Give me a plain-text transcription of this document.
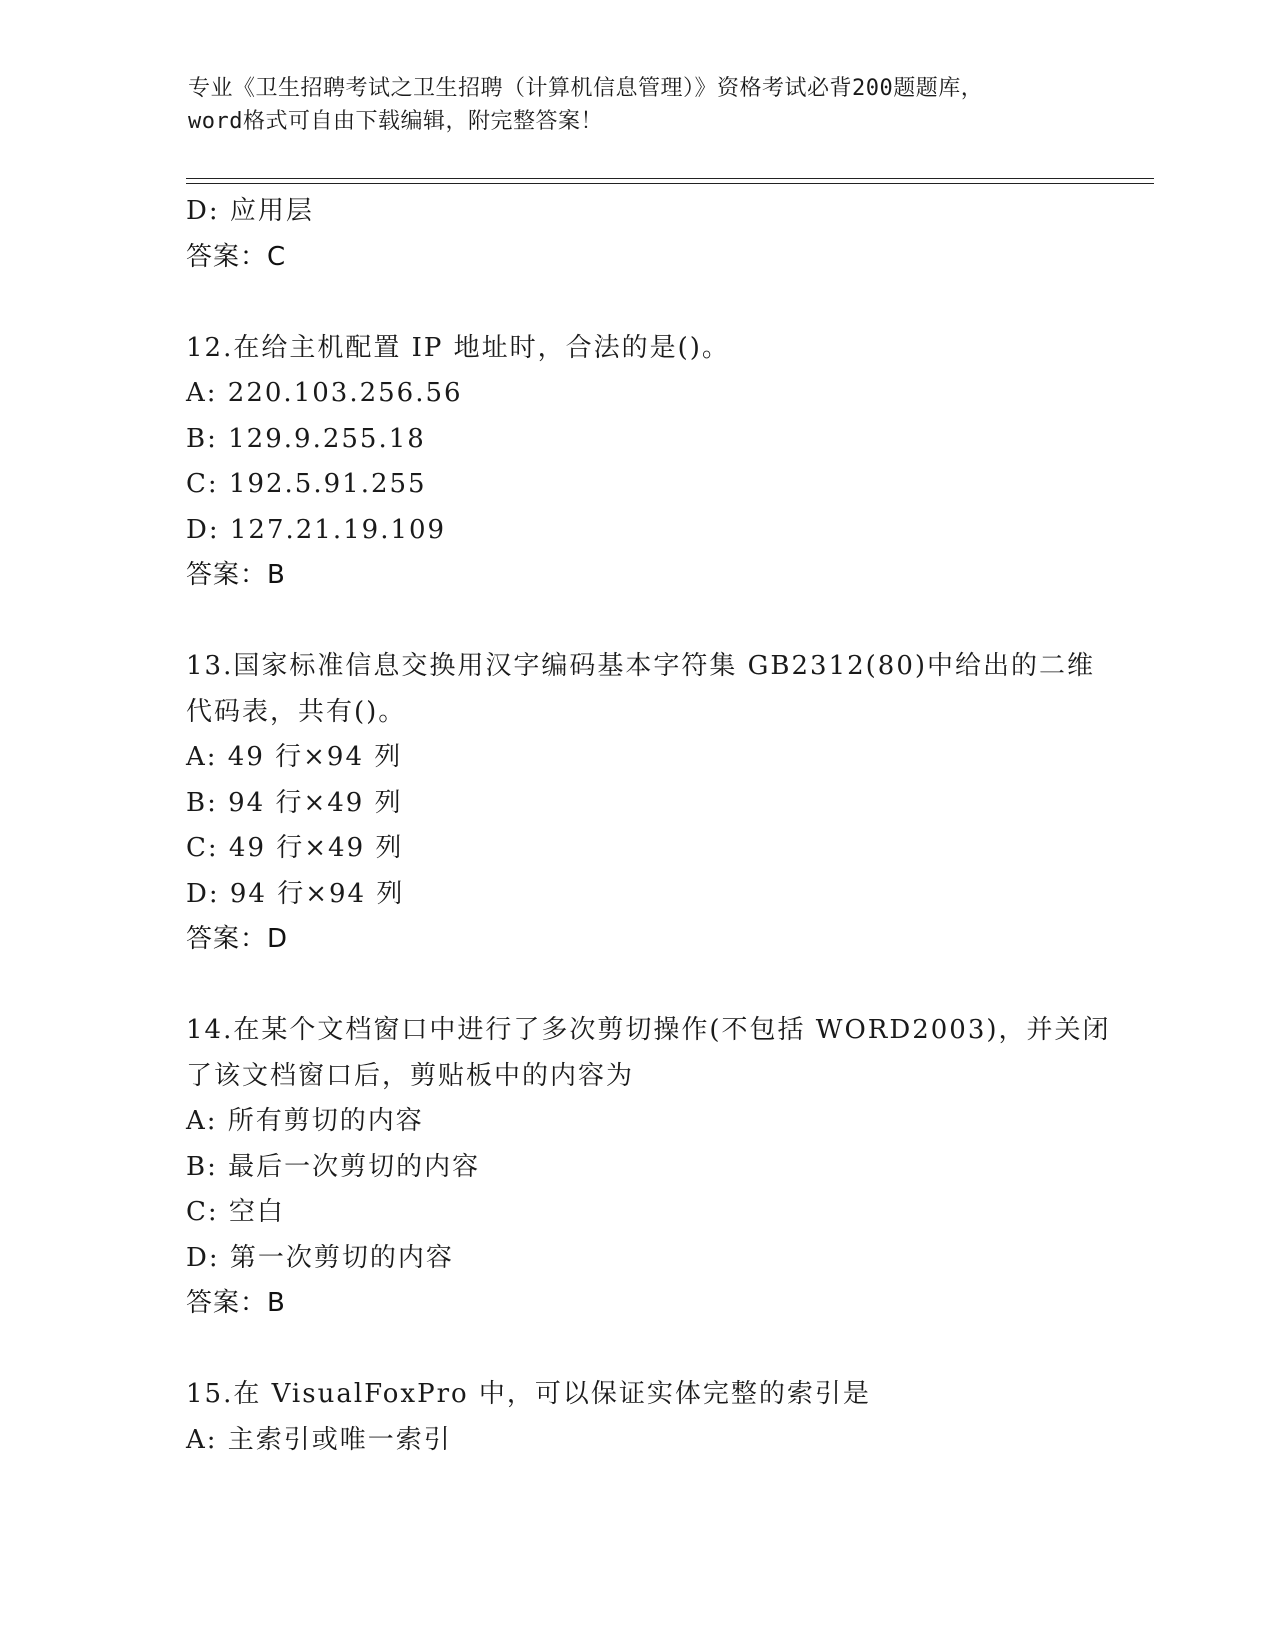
专业《卫生招聘考试之卫生招聘（计算机信息管理）》资格考试必背200题题库，
word格式可自由下载编辑，附完整答案！
D: 应用层
答案：C
12.在给主机配置 IP 地址时，合法的是()。
A: 220.103.256.56
B: 129.9.255.18
C: 192.5.91.255
D: 127.21.19.109
答案：B
13.国家标准信息交换用汉字编码基本字符集 GB2312(80)中给出的二维
代码表，共有()。
A: 49 行×94 列
B: 94 行×49 列
C: 49 行×49 列
D: 94 行×94 列
答案：D
14.在某个文档窗口中进行了多次剪切操作(不包括 WORD2003)，并关闭
了该文档窗口后，剪贴板中的内容为
A: 所有剪切的内容
B: 最后一次剪切的内容
C: 空白
D: 第一次剪切的内容
答案：B
15.在 VisualFoxPro 中，可以保证实体完整的索引是
A: 主索引或唯一索引
